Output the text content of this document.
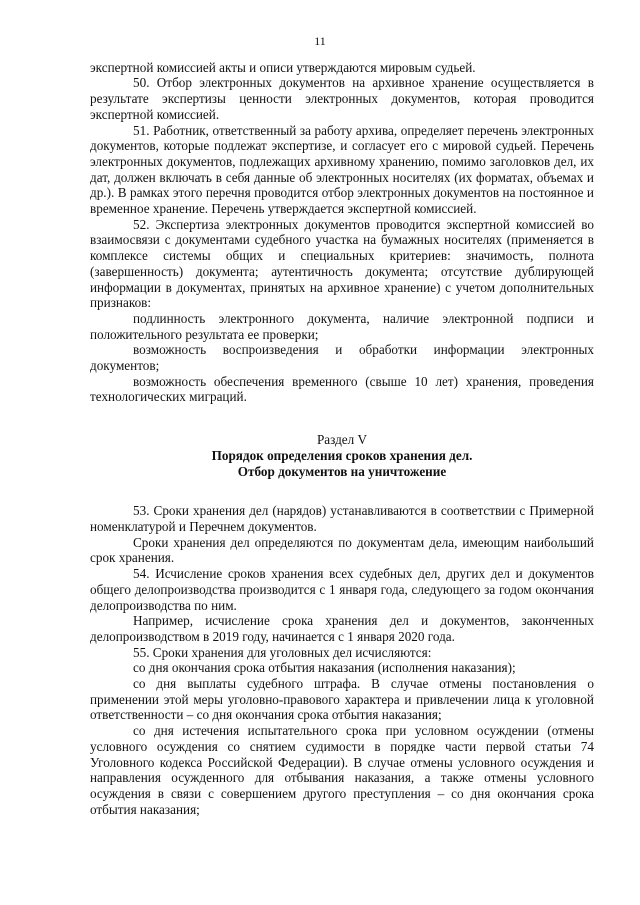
11

экспертной комиссией акты и описи утверждаются мировым судьей.

50. Отбор электронных документов на архивное хранение осуществляется в результате экспертизы ценности электронных документов, которая проводится экспертной комиссией.

51. Работник, ответственный за работу архива, определяет перечень электронных документов, которые подлежат экспертизе, и согласует его с мировой судьей. Перечень электронных документов, подлежащих архивному хранению, помимо заголовков дел, их дат, должен включать в себя данные об электронных носителях (их форматах, объемах и др.). В рамках этого перечня проводится отбор электронных документов на постоянное и временное хранение. Перечень утверждается экспертной комиссией.

52. Экспертиза электронных документов проводится экспертной комиссией во взаимосвязи с документами судебного участка на бумажных носителях (применяется в комплексе системы общих и специальных критериев: значимость, полнота (завершенность) документа; аутентичность документа; отсутствие дублирующей информации в документах, принятых на архивное хранение) с учетом дополнительных признаков:

подлинность электронного документа, наличие электронной подписи и положительного результата ее проверки;

возможность воспроизведения и обработки информации электронных документов;

возможность обеспечения временного (свыше 10 лет) хранения, проведения технологических миграций.

Раздел V
Порядок определения сроков хранения дел.
Отбор документов на уничтожение

53. Сроки хранения дел (нарядов) устанавливаются в соответствии с Примерной номенклатурой и Перечнем документов.

Сроки хранения дел определяются по документам дела, имеющим наибольший срок хранения.

54. Исчисление сроков хранения всех судебных дел, других дел и документов общего делопроизводства производится с 1 января года, следующего за годом окончания делопроизводства по ним.

Например, исчисление срока хранения дел и документов, законченных делопроизводством в 2019 году, начинается с 1 января 2020 года.

55. Сроки хранения для уголовных дел исчисляются:

со дня окончания срока отбытия наказания (исполнения наказания);

со дня выплаты судебного штрафа. В случае отмены постановления о применении этой меры уголовно-правового характера и привлечении лица к уголовной ответственности – со дня окончания срока отбытия наказания;

со дня истечения испытательного срока при условном осуждении (отмены условного осуждения со снятием судимости в порядке части первой статьи 74 Уголовного кодекса Российской Федерации). В случае отмены условного осуждения и направления осужденного для отбывания наказания, а также отмены условного осуждения в связи с совершением другого преступления – со дня окончания срока отбытия наказания;
